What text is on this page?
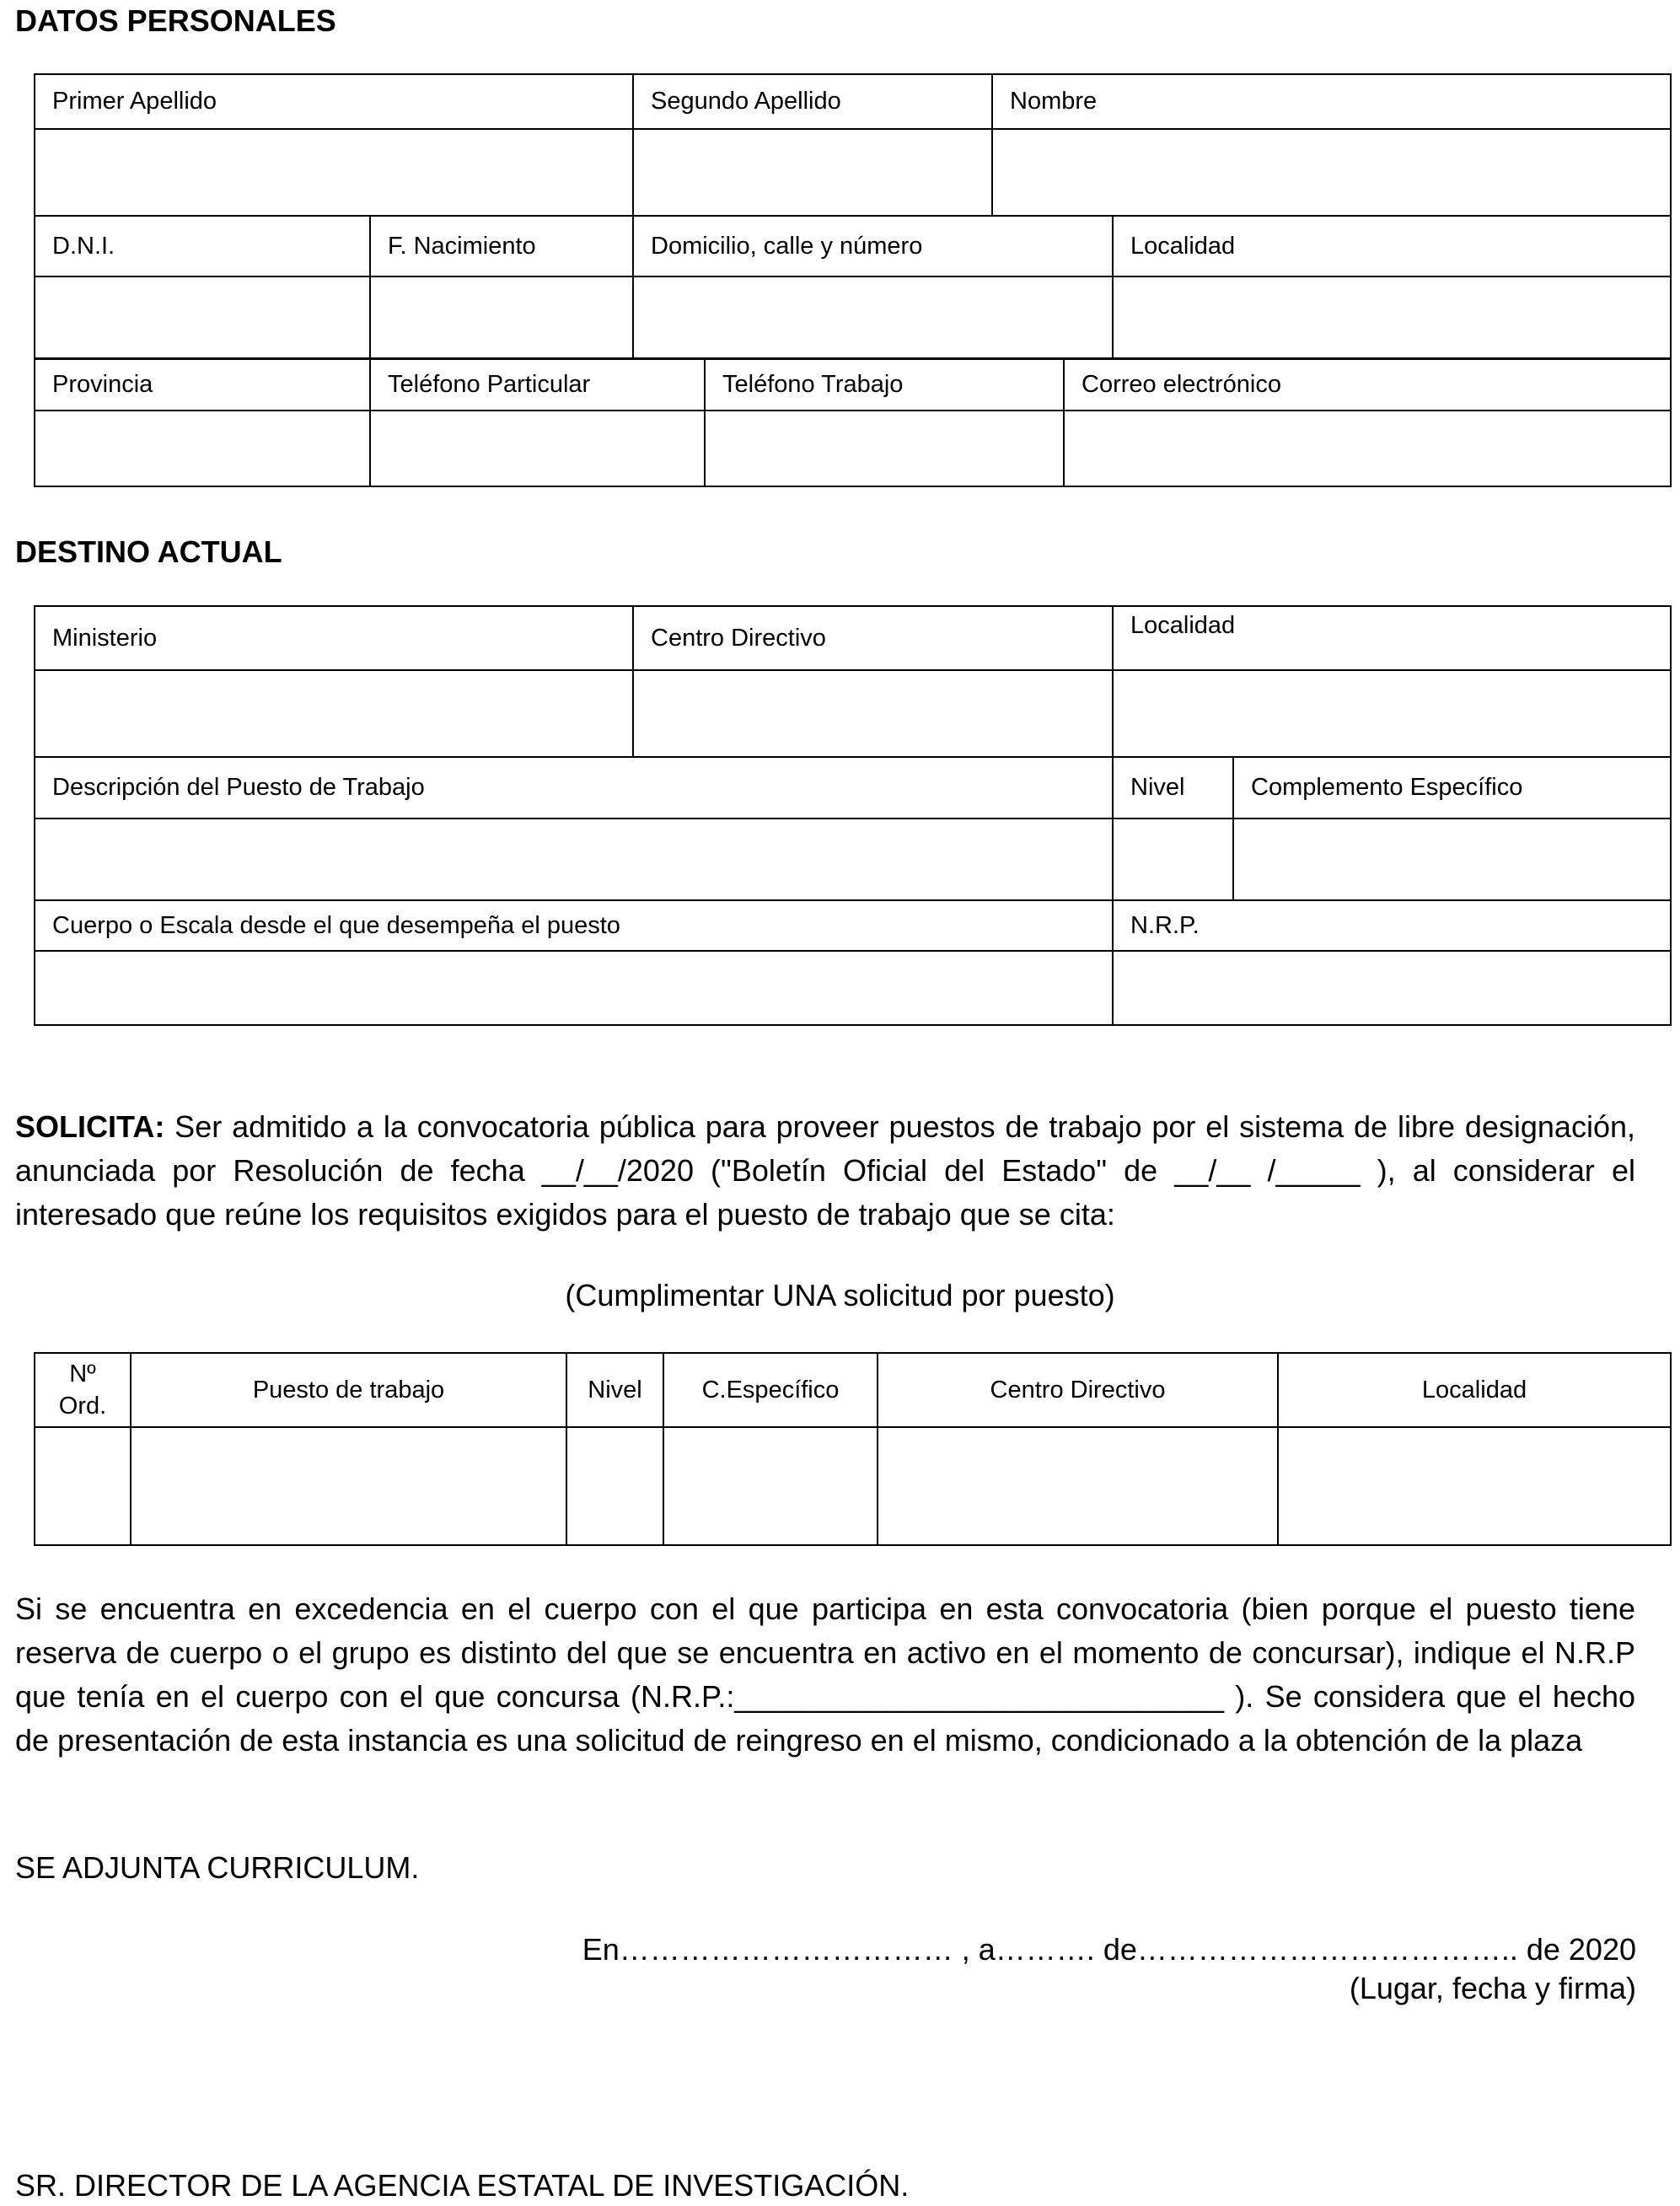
DATOS PERSONALES
Primer Apellido		Segundo Apellido	Nombre	

D.N.I.	F. Nacimiento	Domicilio, calle y número		Localidad

Provincia	Teléfono Particular	Teléfono Trabajo	Correo electrónico

DESTINO ACTUAL
Ministerio	Centro Directivo	Localidad	

Descripción del Puesto de Trabajo		Nivel	Complemento Específico

Cuerpo o Escala desde el que desempeña el puesto		N.R.P.	

SOLICITA: Ser admitido a la convocatoria pública para proveer puestos de trabajo por el sistema de libre designación, anunciada por Resolución de fecha __/__/2020 ("Boletín Oficial del Estado" de __/__ /_____ ), al considerar el interesado que reúne los requisitos exigidos para el puesto de trabajo que se cita:
(Cumplimentar UNA solicitud por puesto)
Nº Ord.	Puesto de trabajo	Nivel	C.Específico	Centro Directivo	Localidad

Si se encuentra en excedencia en el cuerpo con el que participa en esta convocatoria (bien porque el puesto tiene reserva de cuerpo o el grupo es distinto del que se encuentra en activo en el momento de concursar), indique el N.R.P que tenía en el cuerpo con el que concursa (N.R.P.:_____________________________ ). Se considera que el hecho de presentación de esta instancia es una solicitud de reingreso en el mismo, condicionado a la obtención de la plaza
SE ADJUNTA CURRICULUM.
En…………………………… , a………. de……………………………….. de 2020
(Lugar, fecha y firma)
SR. DIRECTOR DE LA AGENCIA ESTATAL DE INVESTIGACIÓN.
